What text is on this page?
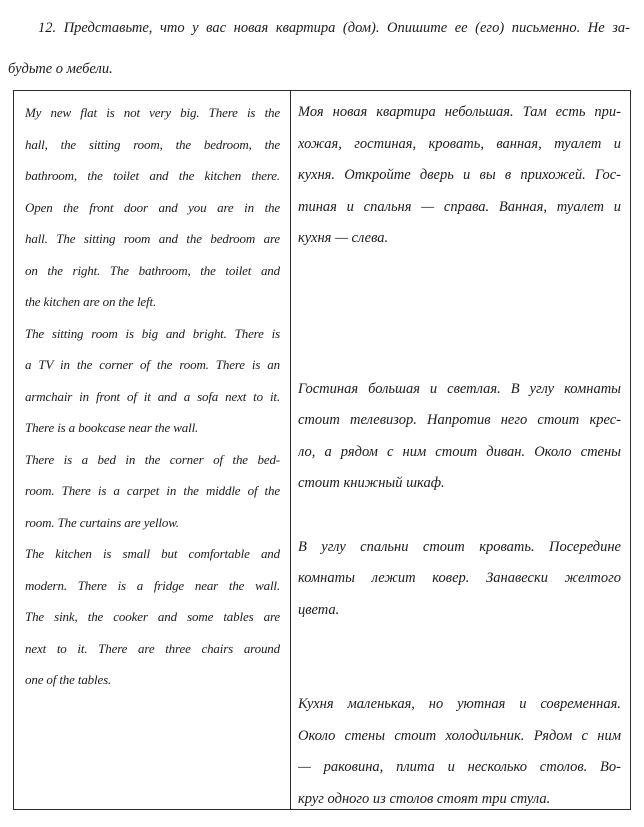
12. Представьте, что у вас новая квартира (дом). Опишите ее (его) письменно. Не за-
будьте о мебели.
My new flat is not very big. There is the
hall, the sitting room, the bedroom, the
bathroom, the toilet and the kitchen there.
Open the front door and you are in the
hall. The sitting room and the bedroom are
on the right. The bathroom, the toilet and
the kitchen are on the left.
The sitting room is big and bright. There is
a TV in the corner of the room. There is an
armchair in front of it and a sofa next to it.
There is a bookcase near the wall.
There is a bed in the corner of the bed-
room. There is a carpet in the middle of the
room. The curtains are yellow.
The kitchen is small but comfortable and
modern. There is a fridge near the wall.
The sink, the cooker and some tables are
next to it. There are three chairs around
one of the tables.
Моя новая квартира небольшая. Там есть при-
хожая, гостиная, кровать, ванная, туалет и
кухня. Откройте дверь и вы в прихожей. Гос-
тиная и спальня — справа. Ванная, туалет и
кухня — слева.
Гостиная большая и светлая. В углу комнаты
стоит телевизор. Напротив него стоит крес-
ло, а рядом с ним стоит диван. Около стены
стоит книжный шкаф.
В углу спальни стоит кровать. Посередине
комнаты лежит ковер. Занавески желтого
цвета.
Кухня маленькая, но уютная и современная.
Около стены стоит холодильник. Рядом с ним
— раковина, плита и несколько столов. Во-
круг одного из столов стоят три стула.
